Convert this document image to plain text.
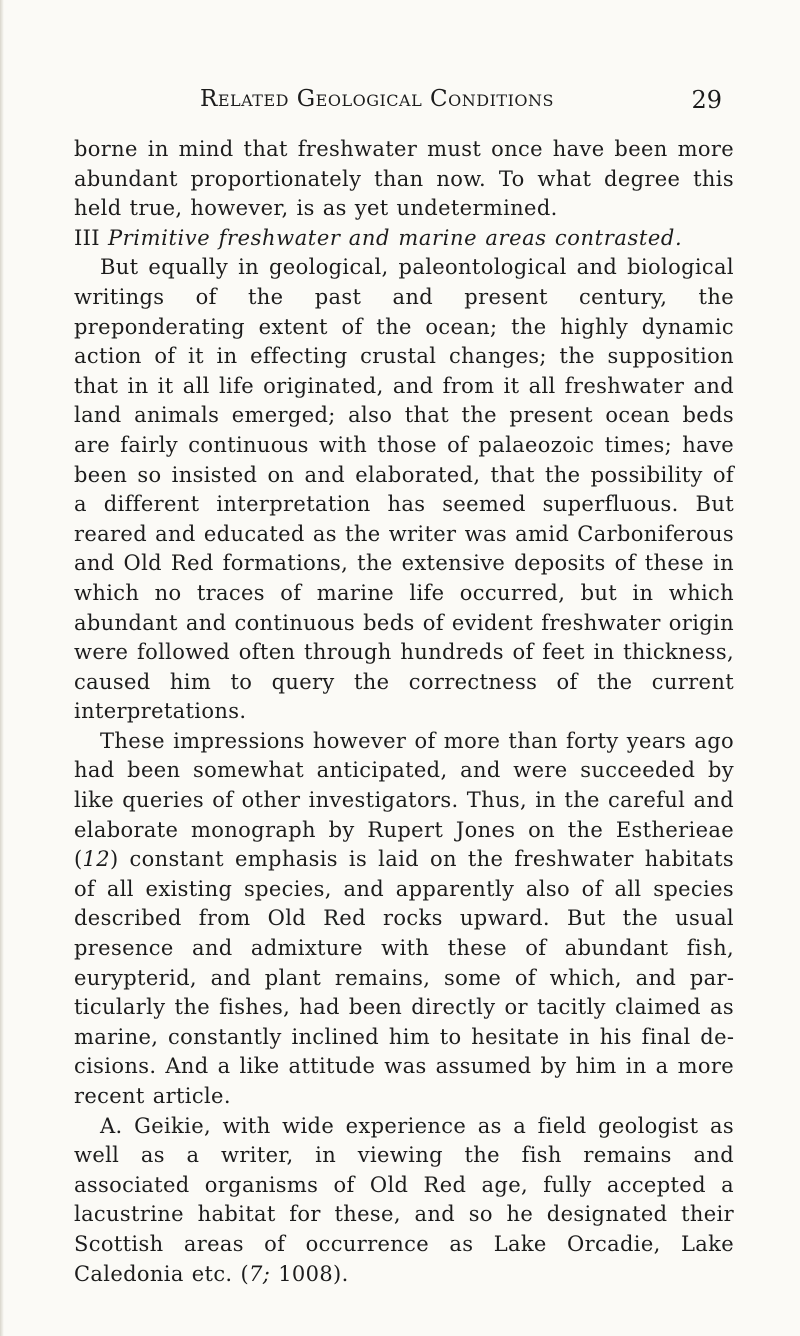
Related Geological Conditions	29

borne in mind that freshwater must once have been more abundant proportionately than now. To what degree this held true, however, is as yet undetermined.

III Primitive freshwater and marine areas contrasted.

But equally in geological, paleontological and biological writings of the past and present century, the preponderating extent of the ocean; the highly dynamic action of it in effecting crustal changes; the supposition that in it all life originated, and from it all freshwater and land animals emerged; also that the present ocean beds are fairly continuous with those of palaeozoic times; have been so insisted on and elaborated, that the possibility of a different interpretation has seemed superfluous. But reared and educated as the writer was amid Carboniferous and Old Red formations, the extensive deposits of these in which no traces of marine life occurred, but in which abundant and continuous beds of evident freshwater origin were followed often through hundreds of feet in thickness, caused him to query the correctness of the current interpretations.

These impressions however of more than forty years ago had been somewhat anticipated, and were succeeded by like queries of other investigators. Thus, in the careful and elaborate monograph by Rupert Jones on the Estherieae (12) constant emphasis is laid on the freshwater habitats of all existing species, and apparently also of all species described from Old Red rocks upward. But the usual presence and admixture with these of abundant fish, eurypterid, and plant remains, some of which, and particularly the fishes, had been directly or tacitly claimed as marine, constantly inclined him to hesitate in his final decisions. And a like attitude was assumed by him in a more recent article.

A. Geikie, with wide experience as a field geologist as well as a writer, in viewing the fish remains and associated organisms of Old Red age, fully accepted a lacustrine habitat for these, and so he designated their Scottish areas of occurrence as Lake Orcadie, Lake Caledonia etc. (7; 1008).
